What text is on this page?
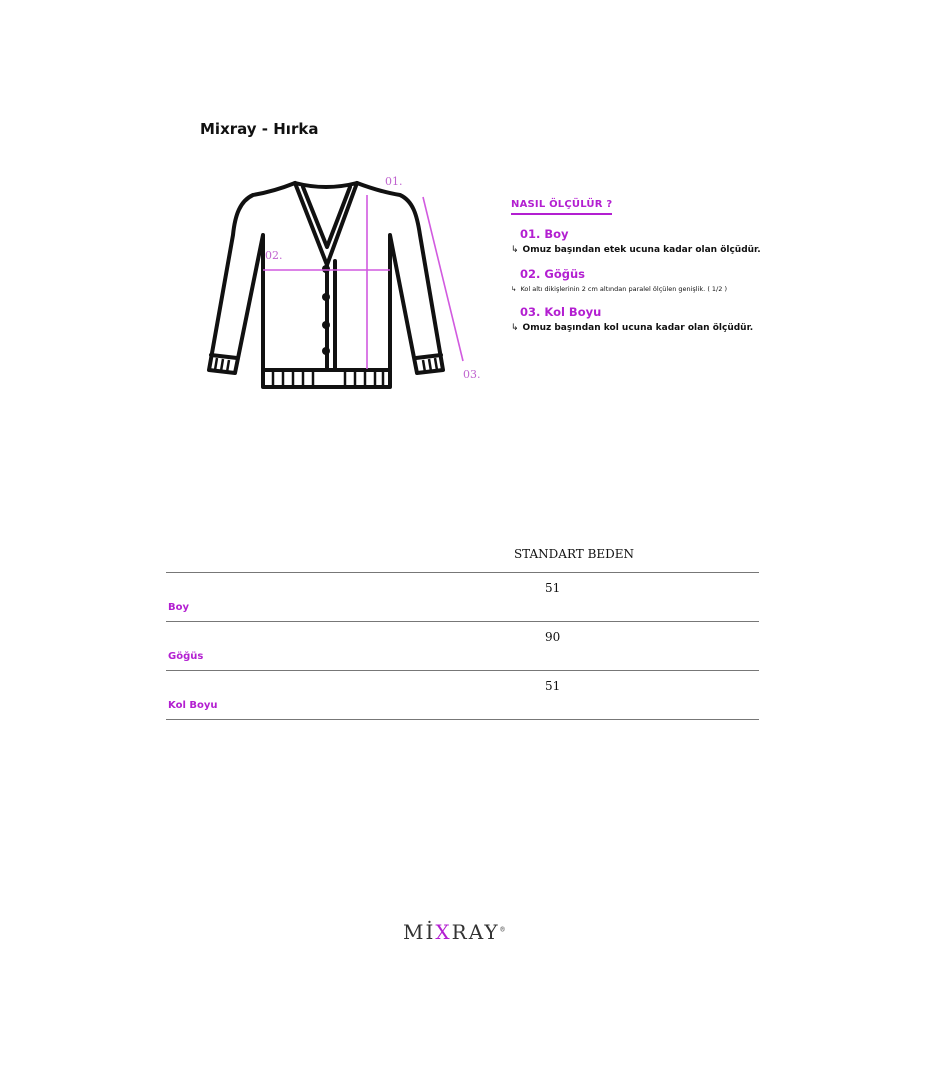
Mixray - Hırka
01.
02.
03.
NASIL ÖLÇÜLÜR ?
01. Boy
↳ Omuz başından etek ucuna kadar olan ölçüdür.
02. Göğüs
↳ Kol altı dikişlerinin 2 cm altından paralel ölçülen genişlik. ( 1/2 )
03. Kol Boyu
↳ Omuz başından kol ucuna kadar olan ölçüdür.
	STANDART BEDEN
Boy	51
Göğüs	90
Kol Boyu	51
MİXRAY®
